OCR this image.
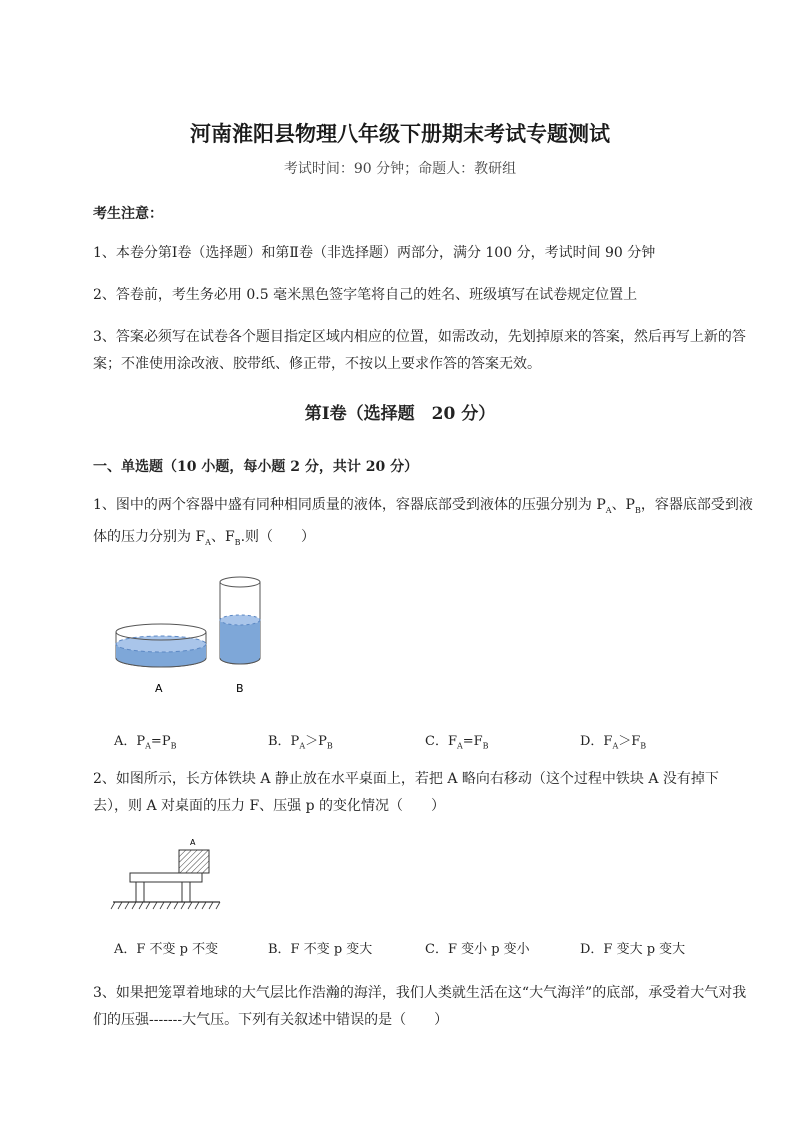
河南淮阳县物理八年级下册期末考试专题测试
考试时间：90 分钟；命题人：教研组
考生注意：
1、本卷分第Ⅰ卷（选择题）和第Ⅱ卷（非选择题）两部分，满分 100 分，考试时间 90 分钟
2、答卷前，考生务必用 0.5 毫米黑色签字笔将自己的姓名、班级填写在试卷规定位置上
3、答案必须写在试卷各个题目指定区域内相应的位置，如需改动，先划掉原来的答案，然后再写上新的答案；不准使用涂改液、胶带纸、修正带，不按以上要求作答的答案无效。
第Ⅰ卷（选择题　20 分）
一、单选题（10 小题，每小题 2 分，共计 20 分）
1、图中的两个容器中盛有同种相同质量的液体，容器底部受到液体的压强分别为 $P_A$、$P_B$，容器底部受到液体的压力分别为 $F_A$、$F_B$.则（　　）
A	B
A．$P_A=P_B$	B．$P_A>P_B$	C．$F_A=F_B$	D．$F_A>F_B$
2、如图所示，长方体铁块 A 静止放在水平桌面上，若把 A 略向右移动（这个过程中铁块 A 没有掉下去），则 A 对桌面的压力 F、压强 p 的变化情况（　　）
A
A．F 不变 p 不变	B．F 不变 p 变大	C．F 变小 p 变小	D．F 变大 p 变大
3、如果把笼罩着地球的大气层比作浩瀚的海洋，我们人类就生活在这“大气海洋”的底部，承受着大气对我们的压强-------大气压。下列有关叙述中错误的是（　　）
